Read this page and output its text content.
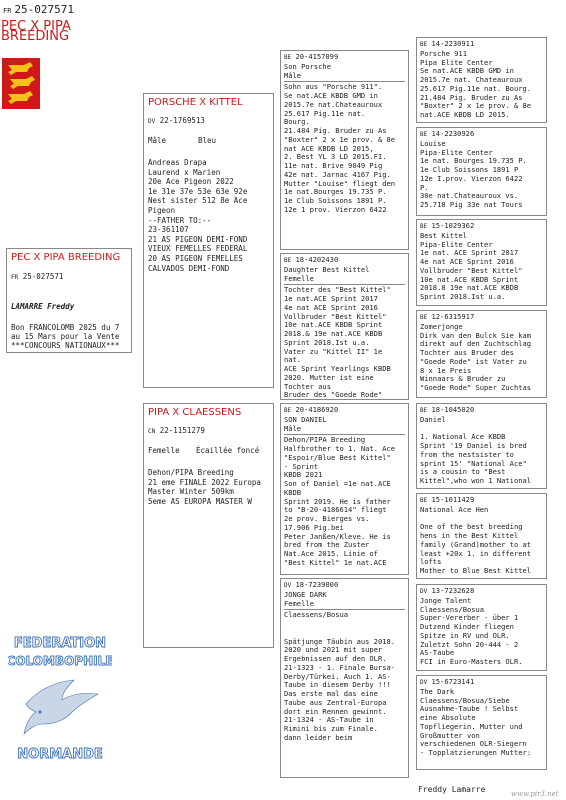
FR 25-027571
PEC X PIPA BREEDING
PEC X PIPA BREEDING
FR 25-027571
LAMARRE Freddy
Bon FRANCOLOMB 2025 du 7
au 15 Mars pour la Vente
***CONCOURS NATIONAUX***
PORSCHE X KITTEL
DV 22-1769513
Mâle	Bleu
Andreas Drapa
Laurend x Marien
20e Ace Pigeon 2022
1e 31e 37e 53e 63e 92e
Nest sister 512 8e Ace
Pigeon
--FATHER TO:--
23-361107
21 AS PIGEON DEMI-FOND
VIEUX FEMELLES FEDERAL
20 AS PIGEON FEMELLES
CALVADOS DEMI-FOND
PIPA X CLAESSENS
CN 22-1151279
Femelle Écaillée foncé
Dehon/PIPA Breeding
21 eme FINALE 2022 Europa
Master Winter 509km
5eme AS EUROPA MASTER W
BE 20-4157099
Son Porsche
Mâle
Sohn aus "Porsche 911".
Se nat.ACE KBDB GMD in
2015.7e nat.Chateauroux
25.617 Pig.11e nat.
Bourg.
21.484 Pig. Bruder zu As
"Boxter" 2 x 1e prov. & 8e
nat ACE KBDB LD 2015,
2. Best YL 3 LD 2015.FI.
11e nat. Brive 9049 Pig
42e nat. Jarnac 4167 Pig.
Mutter "Louise" fliegt den
1e nat.Bourges 19.735 P.
1e Club Soissons 1891 P.
12e 1 prov. Vierzon 6422
BE 18-4202430
Daughter Best Kittel
Femelle
Tochter des "Best Kittel"
1e nat.ACE Sprint 2017
4e nat ACE Sprint 2016
Vollbruder "Best Kittel"
10e nat.ACE KBDB Sprint
2018.& 19e nat.ACE KBDB
Sprint 2018.Ist u.a.
Vater zu "Kittel II" 1e
nat.
ACE Sprint Yearlings KBDB
2020. Mutter ist eine
Tochter aus
Bruder des "Goede Rode"

BE 20-4186920
SON DANIEL
Mâle
Dehon/PIPA Breeding
Halfbrother to 1. Nat. Ace
"Espoir/Blue Best Kittel"
- Sprint
KBDB 2021
Son of Daniel =1e nat.ACE
KBDB
Sprint 2019. He is father
to "B-20-4186614" fliegt
2e prov. Bierges vs.
17.906 Pig.bei
Peter Janßen/Kleve. He is
bred from the Zuster
Nat.Ace 2015. Linie of
"Best Kittel" 1e nat.ACE
DV 18-7239000
JONGE DARK
Femelle
Claessens/Bosua

Spätjunge Täubin aus 2018.
2020 und 2021 mit super
Ergebnissen auf den OLR.
21-1323 - 1. Finale Bursa-
Derby/Türkei. Auch 1. AS-
Taube in diesem Derby !!!
Das erste mal das eine
Taube aus Zentral-Europa
dort ein Rennen gewinnt.
21-1324 - AS-Taube in
Rimini bis zum Finale.
dann leider beim
BE 14-2230911
Porsche 911
Pipa Elite Center
Se nat.ACE KBDB GMD in
2015.7e nat. Chateauroux
25.617 Pig.11e nat. Bourg.
21.484 Pig. Bruder zu As
"Boxter" 2 x 1e prov. & 8e
nat.ACE KBDB LD 2015.
BE 14-2230926
Louise
Pipa-Elite Center
1e nat. Bourges 19.735 P.
1e Club Soissons 1891 P
12e I.prov. Vierzon 6422
P.
30e nat.Chateauroux vs.
25.718 Pig 33e nat Tours
BE 15-1029362
Best Kittel
Pipa-Elite Center
1e nat. ACE Sprint 2017
4e nat ACE Sprint 2016
Vollbruder "Best Kittel"
10e nat.ACE KBDB Sprint
2018.8 19e nat.ACE KBDB
Sprint 2018.Ist u.a.
BE 12-6315917
Zomerjonge
Dirk van den Bulck Sie kam
direkt auf den Zuchtschlag
Tochter aus Bruder des
"Goede Rode" ist Vater zu
8 x 1e Preis
Winnaars & Bruder zu
"Goede Rode" Super Zuchtas
BE 18-1045020
Daniel

1. National Ace KBDB
Sprint '19 Daniel is bred
from the nestsister to
sprint 15' "National Ace"
is a cousin to "Best
Kittel",who won 1 National
BE 15-1011429
National Ace Hen

One of the best breeding
hens in the Best Kittel
family (Grand)mother to at
least +20x 1. in different
lofts
Mother to Blue Best Kittel
DV 13-7232628
Jonge Talent
Claessens/Bosua
Super-Vererber - über 1
Dutzend Kinder fliegen
Spitze in RV und OLR.
Zuletzt Sohn 20-444 - 2
AS-Taube
FCI in Euro-Masters OLR.
DV 15-6723141
The Dark
Claessens/Bosua/Siebe
Ausnahme-Taube ! Selbst
eine Absolute
Topfliegerin. Mutter und
Großmutter von
verschiedenen OLR-Siegern
- Topplatzierungen Mutter:
FEDERATION
COLOMBOPHILE
NORMANDE
Freddy Lamarre	www.pir3.net
